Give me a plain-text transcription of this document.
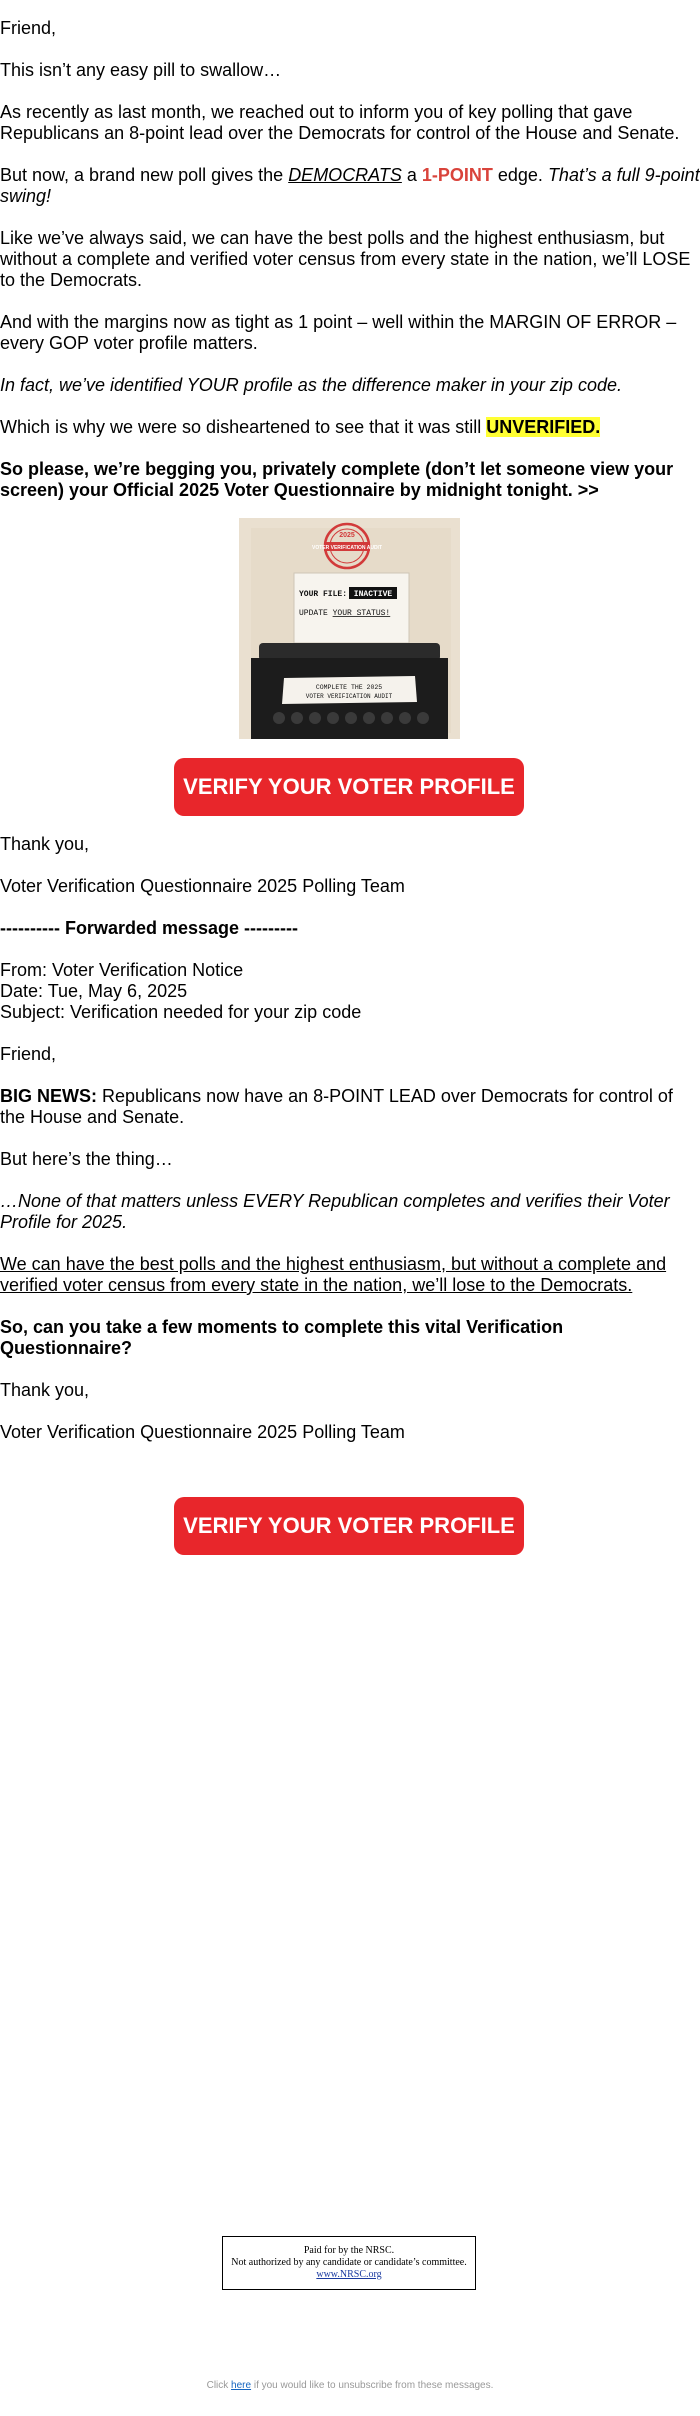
Friend,

This isn’t any easy pill to swallow…

As recently as last month, we reached out to inform you of key polling that gave Republicans an 8-point lead over the Democrats for control of the House and Senate.

But now, a brand new poll gives the DEMOCRATS a 1-POINT edge. That’s a full 9-point swing!

Like we’ve always said, we can have the best polls and the highest enthusiasm, but without a complete and verified voter census from every state in the nation, we’ll LOSE to the Democrats.

And with the margins now as tight as 1 point – well within the MARGIN OF ERROR – every GOP voter profile matters.

In fact, we’ve identified YOUR profile as the difference maker in your zip code.

Which is why we were so disheartened to see that it was still UNVERIFIED.

So please, we’re begging you, privately complete (don’t let someone view your screen) your Official 2025 Voter Questionnaire by midnight tonight. >>

2025
VOTER VERIFICATION AUDIT
YOUR FILE: INACTIVE
UPDATE YOUR STATUS!
COMPLETE THE 2025
VOTER VERIFICATION AUDIT
VERIFY YOUR VOTER PROFILE >>

Thank you,

Voter Verification Questionnaire 2025 Polling Team

---------- Forwarded message ---------

From: Voter Verification Notice

Date: Tue, May 6, 2025

Subject: Verification needed for your zip code

Friend,

BIG NEWS: Republicans now have an 8-POINT LEAD over Democrats for control of the House and Senate.

But here’s the thing…

…None of that matters unless EVERY Republican completes and verifies their Voter Profile for 2025.

We can have the best polls and the highest enthusiasm, but without a complete and verified voter census from every state in the nation, we’ll lose to the Democrats.

So, can you take a few moments to complete this vital Verification Questionnaire?

Thank you,

Voter Verification Questionnaire 2025 Polling Team

VERIFY YOUR VOTER PROFILE >>
Paid for by the NRSC.
Not authorized by any candidate or candidate’s committee.
www.NRSC.org
Click here if you would like to unsubscribe from these messages.
